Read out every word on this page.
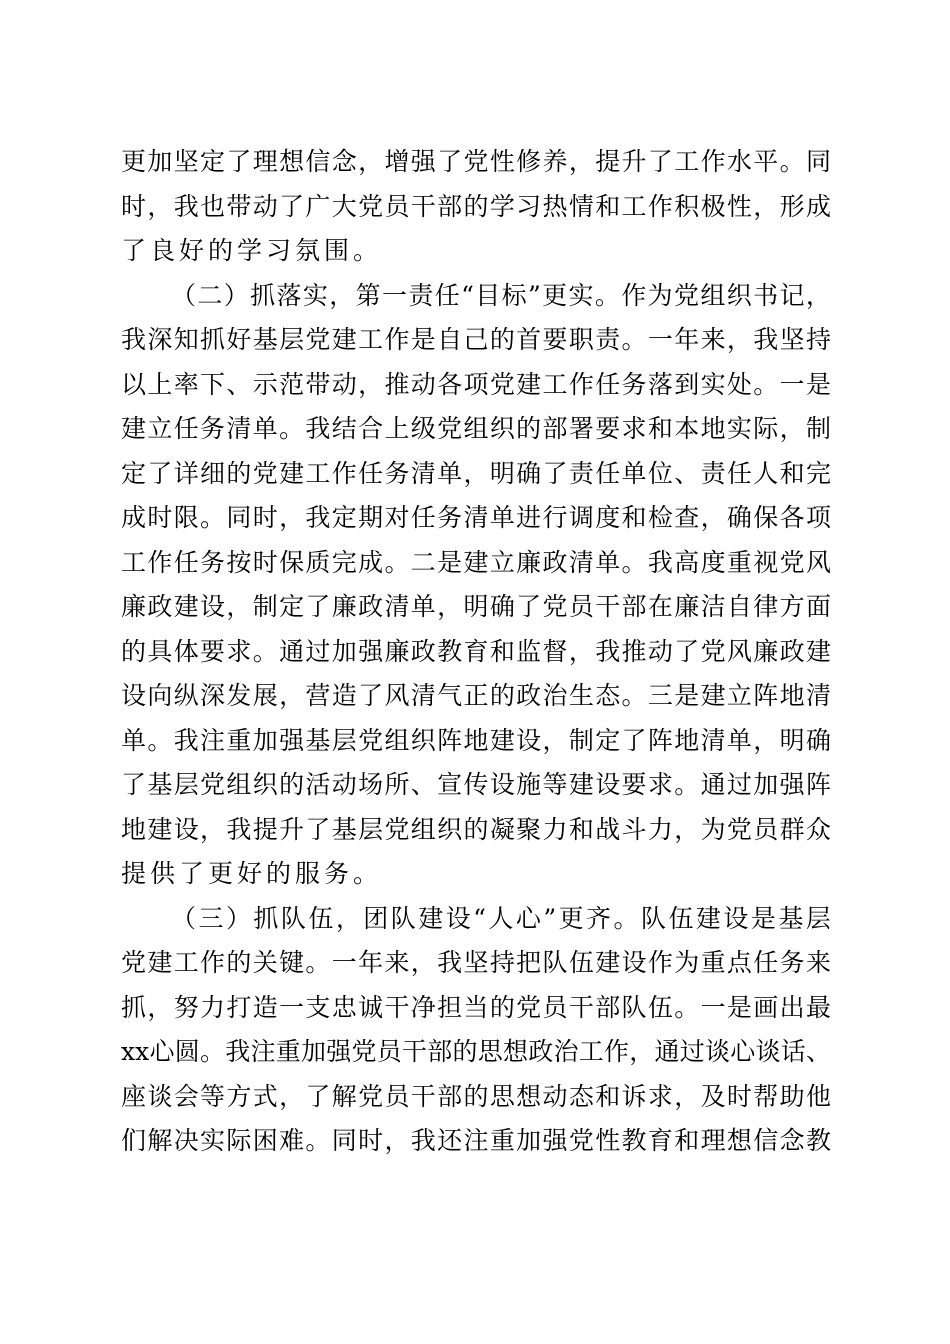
更 加 坚 定 了 理 想 信 念 ， 增 强 了 党 性 修 养 ， 提 升 了 工 作 水 平 。 同
时 ， 我 也 带 动 了 广 大 党 员 干 部 的 学 习 热 情 和 工 作 积 极 性 ， 形 成
了良好的学习氛围。
（ 二 ） 抓 落 实 ， 第 一 责 任 “ 目 标 ” 更 实 。 作 为 党 组 织 书 记 ，
我 深 知 抓 好 基 层 党 建 工 作 是 自 己 的 首 要 职 责 。 一 年 来 ， 我 坚 持
以 上 率 下 、 示 范 带 动 ， 推 动 各 项 党 建 工 作 任 务 落 到 实 处 。 一 是
建 立 任 务 清 单 。 我 结 合 上 级 党 组 织 的 部 署 要 求 和 本 地 实 际 ， 制
定 了 详 细 的 党 建 工 作 任 务 清 单 ， 明 确 了 责 任 单 位 、 责 任 人 和 完
成 时 限 。 同 时 ， 我 定 期 对 任 务 清 单 进 行 调 度 和 检 查 ， 确 保 各 项
工 作 任 务 按 时 保 质 完 成 。 二 是 建 立 廉 政 清 单 。 我 高 度 重 视 党 风
廉 政 建 设 ， 制 定 了 廉 政 清 单 ， 明 确 了 党 员 干 部 在 廉 洁 自 律 方 面
的 具 体 要 求 。 通 过 加 强 廉 政 教 育 和 监 督 ， 我 推 动 了 党 风 廉 政 建
设 向 纵 深 发 展 ， 营 造 了 风 清 气 正 的 政 治 生 态 。 三 是 建 立 阵 地 清
单 。 我 注 重 加 强 基 层 党 组 织 阵 地 建 设 ， 制 定 了 阵 地 清 单 ， 明 确
了 基 层 党 组 织 的 活 动 场 所 、 宣 传 设 施 等 建 设 要 求 。 通 过 加 强 阵
地 建 设 ， 我 提 升 了 基 层 党 组 织 的 凝 聚 力 和 战 斗 力 ， 为 党 员 群 众
提供了更好的服务。
（ 三 ） 抓 队 伍 ， 团 队 建 设 “ 人 心 ” 更 齐 。 队 伍 建 设 是 基 层
党 建 工 作 的 关 键 。 一 年 来 ， 我 坚 持 把 队 伍 建 设 作 为 重 点 任 务 来
抓 ， 努 力 打 造 一 支 忠 诚 干 净 担 当 的 党 员 干 部 队 伍 。 一 是 画 出 最
xx 心 圆 。 我 注 重 加 强 党 员 干 部 的 思 想 政 治 工 作 ， 通 过 谈 心 谈 话 、
座 谈 会 等 方 式 ， 了 解 党 员 干 部 的 思 想 动 态 和 诉 求 ， 及 时 帮 助 他
们 解 决 实 际 困 难 。 同 时 ， 我 还 注 重 加 强 党 性 教 育 和 理 想 信 念 教
